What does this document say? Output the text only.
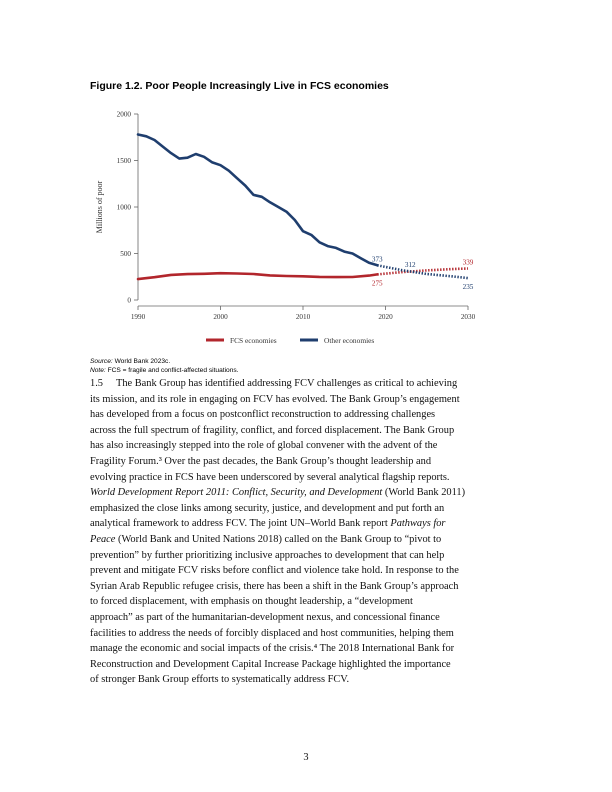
Figure 1.2. Poor People Increasingly Live in FCS economies
0
500
1000
1500
2000
1990	2000	2010	2020	2030
Millions of poor
275
339
373
312
235
FCS economies	Other economies
Source: World Bank 2023c.
Note: FCS = fragile and conflict-affected situations.

1.5     The Bank Group has identified addressing FCV challenges as critical to achieving
its mission, and its role in engaging on FCV has evolved. The Bank Group’s engagement
has developed from a focus on postconflict reconstruction to addressing challenges
across the full spectrum of fragility, conflict, and forced displacement. The Bank Group
has also increasingly stepped into the role of global convener with the advent of the
Fragility Forum.³ Over the past decades, the Bank Group’s thought leadership and
evolving practice in FCS have been underscored by several analytical flagship reports.
World Development Report 2011: Conflict, Security, and Development (World Bank 2011)
emphasized the close links among security, justice, and development and put forth an
analytical framework to address FCV. The joint UN–World Bank report Pathways for
Peace (World Bank and United Nations 2018) called on the Bank Group to “pivot to
prevention” by further prioritizing inclusive approaches to development that can help
prevent and mitigate FCV risks before conflict and violence take hold. In response to the
Syrian Arab Republic refugee crisis, there has been a shift in the Bank Group’s approach
to forced displacement, with emphasis on thought leadership, a “development
approach” as part of the humanitarian-development nexus, and concessional finance
facilities to address the needs of forcibly displaced and host communities, helping them
manage the economic and social impacts of the crisis.⁴ The 2018 International Bank for
Reconstruction and Development Capital Increase Package highlighted the importance
of stronger Bank Group efforts to systematically address FCV.

3
